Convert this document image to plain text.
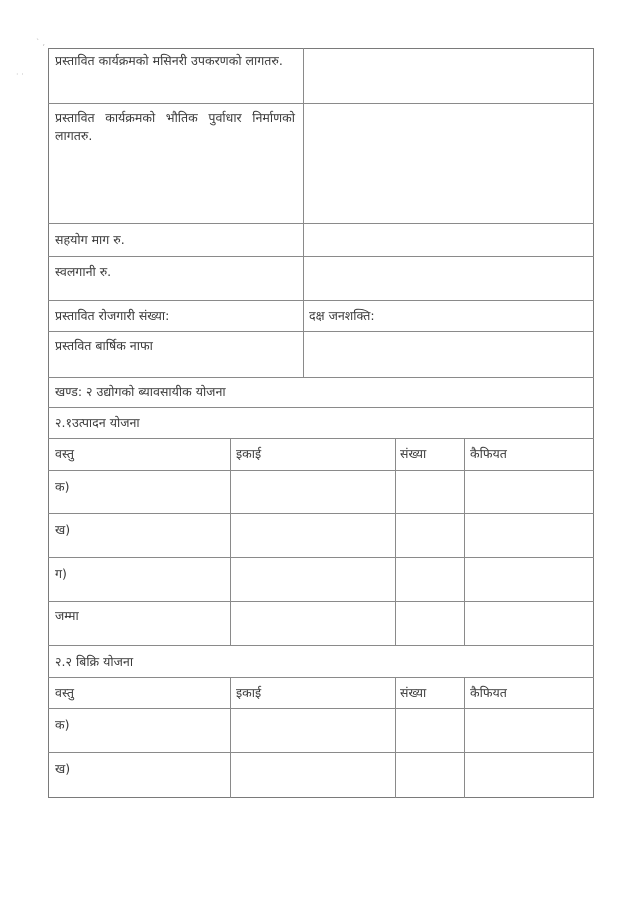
` ,
· ·
प्रस्तावित कार्यक्रमको मसिनरी उपकरणको लागतरु.
प्रस्तावित कार्यक्रमको भौतिक पुर्वाधार निर्माणको लागतरु.
सहयोग माग रु.
स्वलगानी रु.
प्रस्तावित रोजगारी संख्या:	दक्ष जनशक्ति:
प्रस्तवित बार्षिक नाफा
खण्ड: २ उद्योगको ब्यावसायीक योजना
२.१उत्पादन योजना
वस्तु	इकाई	संख्या	कैफियत
क)
ख)
ग)
जम्मा
२.२ बिक्रि योजना
वस्तु	इकाई	संख्या	कैफियत
क)
ख)
